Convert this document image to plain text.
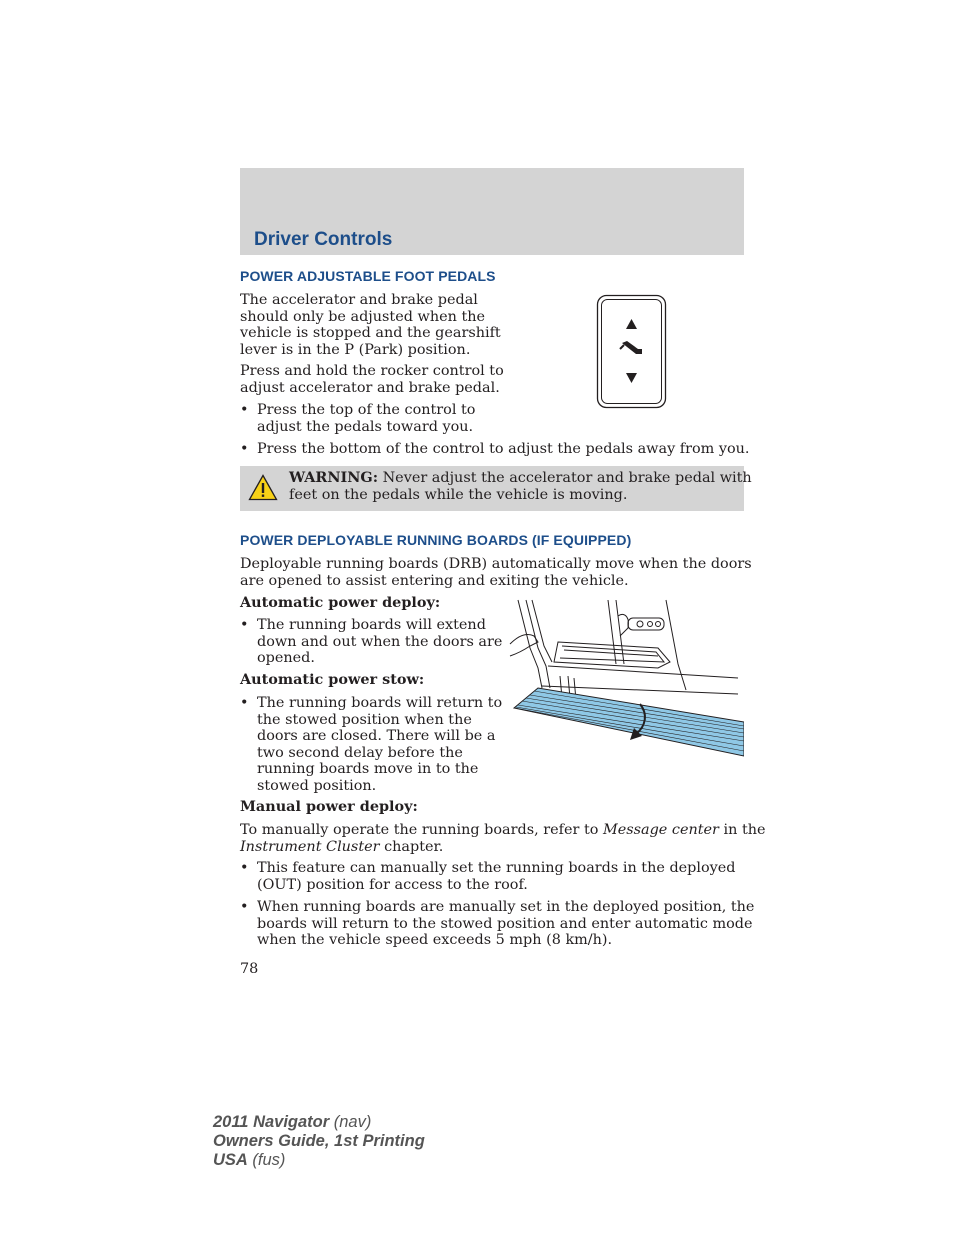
Driver Controls
POWER ADJUSTABLE FOOT PEDALS
The accelerator and brake pedal
should only be adjusted when the
vehicle is stopped and the gearshift
lever is in the P (Park) position.
Press and hold the rocker control to
adjust accelerator and brake pedal.
• Press the top of the control to
adjust the pedals toward you.
• Press the bottom of the control to adjust the pedals away from you.
WARNING: Never adjust the accelerator and brake pedal with
feet on the pedals while the vehicle is moving.
POWER DEPLOYABLE RUNNING BOARDS (IF EQUIPPED)
Deployable running boards (DRB) automatically move when the doors
are opened to assist entering and exiting the vehicle.
Automatic power deploy:
• The running boards will extend
down and out when the doors are
opened.
Automatic power stow:
• The running boards will return to
the stowed position when the
doors are closed. There will be a
two second delay before the
running boards move in to the
stowed position.
Manual power deploy:
To manually operate the running boards, refer to Message center in the
Instrument Cluster chapter.
• This feature can manually set the running boards in the deployed
(OUT) position for access to the roof.
• When running boards are manually set in the deployed position, the
boards will return to the stowed position and enter automatic mode
when the vehicle speed exceeds 5 mph (8 km/h).
78
2011 Navigator (nav)
Owners Guide, 1st Printing
USA (fus)
